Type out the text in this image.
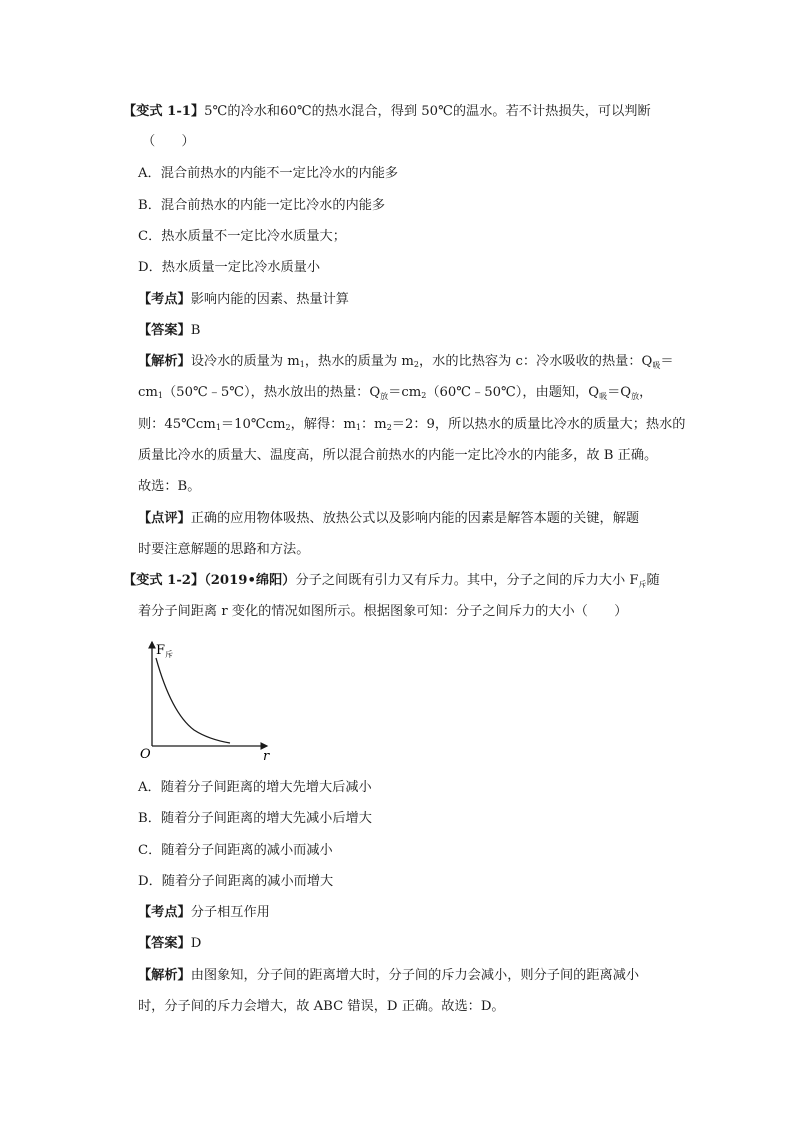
【变式 1-1】5℃的冷水和60℃的热水混合，得到 50℃的温水。若不计热损失，可以判断
（　　）
A．混合前热水的内能不一定比冷水的内能多
B．混合前热水的内能一定比冷水的内能多
C．热水质量不一定比冷水质量大；
D．热水质量一定比冷水质量小
【考点】影响内能的因素、热量计算
【答案】B
【解析】设冷水的质量为 $m_1$，热水的质量为 $m_2$，水的比热容为 c：冷水吸收的热量：$Q_吸=$
$cm_1(50℃﹣5℃)$，热水放出的热量：$Q_放=cm_2(60℃﹣50℃)$，由题知，$Q_吸=Q_放$，
则：$45℃cm_1=10℃cm_2$，解得：$m_1$：$m_2=2$：9，所以热水的质量比冷水的质量大；热水的
质量比冷水的质量大、温度高，所以混合前热水的内能一定比冷水的内能多，故 B 正确。
故选：B。
【点评】正确的应用物体吸热、放热公式以及影响内能的因素是解答本题的关键，解题
时要注意解题的思路和方法。
【变式 1-2】（2019•绵阳）分子之间既有引力又有斥力。其中，分子之间的斥力大小 $F_斥$随
着分子间距离 r 变化的情况如图所示。根据图象可知：分子之间斥力的大小（　　）
$F_斥$
O	r
A．随着分子间距离的增大先增大后减小
B．随着分子间距离的增大先减小后增大
C．随着分子间距离的减小而减小
D．随着分子间距离的减小而增大
【考点】分子相互作用
【答案】D
【解析】由图象知，分子间的距离增大时，分子间的斥力会减小，则分子间的距离减小
时，分子间的斥力会增大，故 ABC 错误，D 正确。故选：D。
